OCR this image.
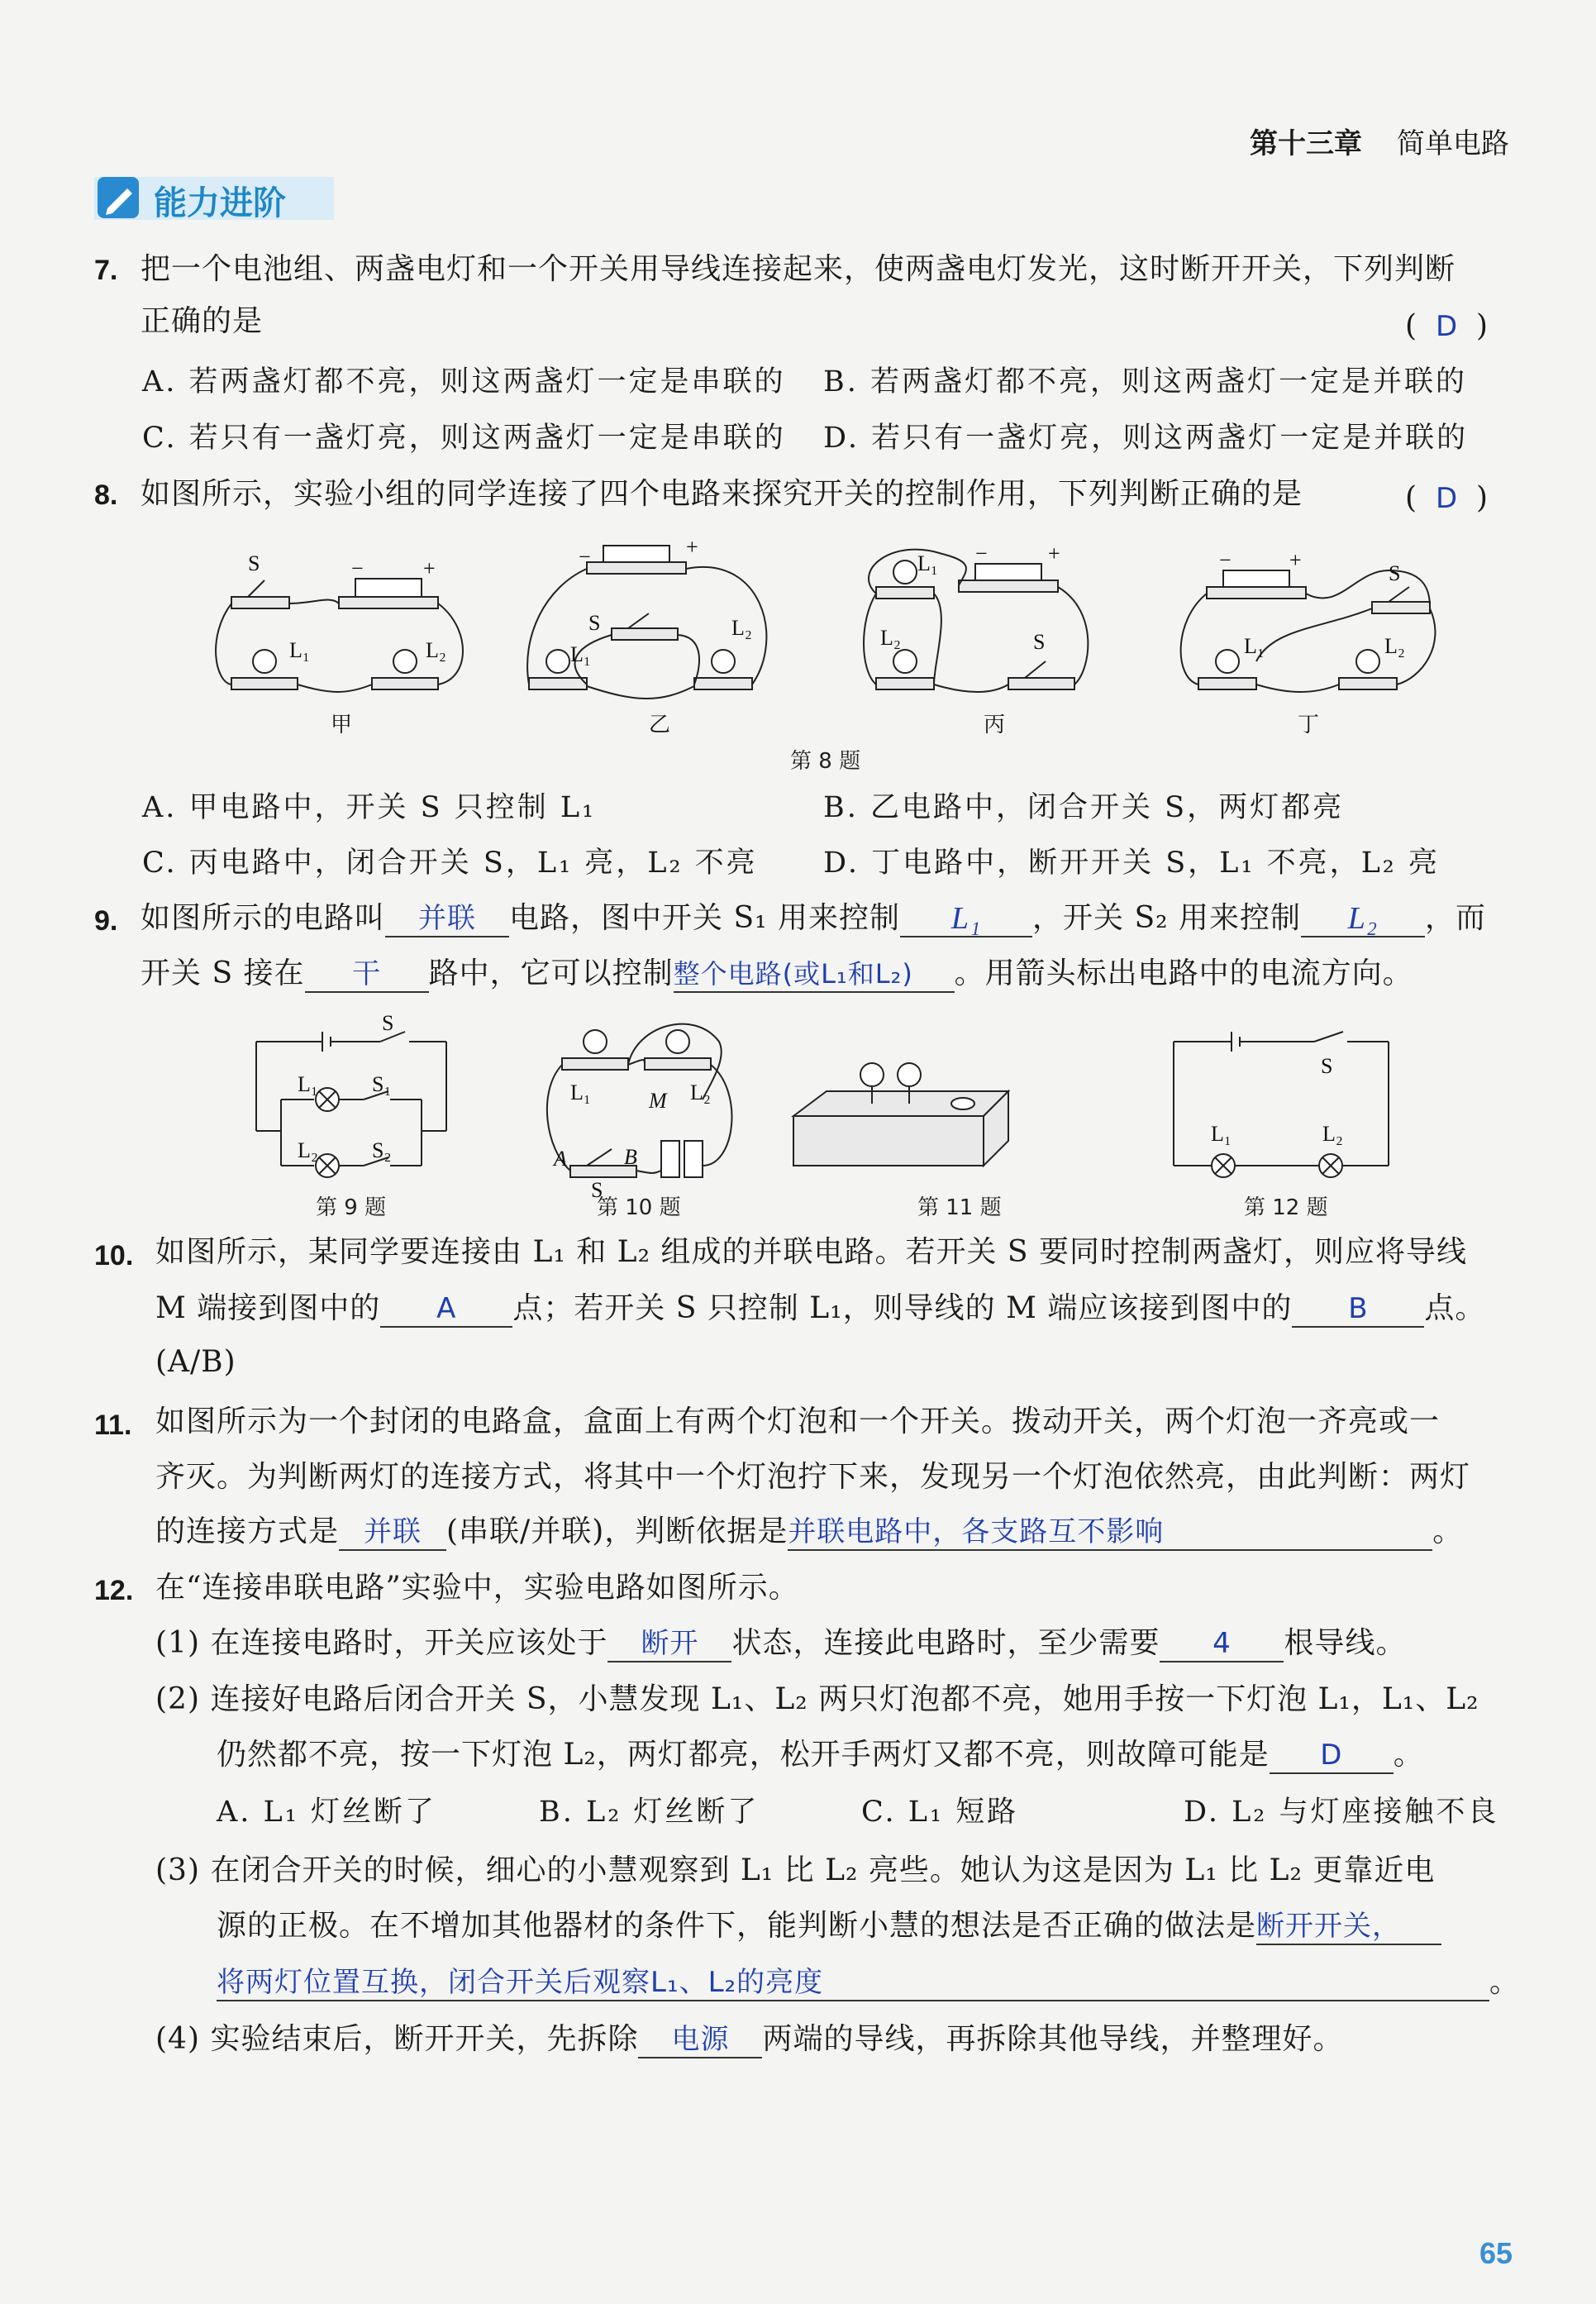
第十三章 简单电路
能力进阶
7. 把一个电池组、两盏电灯和一个开关用导线连接起来，使两盏电灯发光，这时断开开关，下列判断
正确的是	(  D  )
A. 若两盏灯都不亮，则这两盏灯一定是串联的 B. 若两盏灯都不亮，则这两盏灯一定是并联的
C. 若只有一盏灯亮，则这两盏灯一定是串联的 D. 若只有一盏灯亮，则这两盏灯一定是并联的
8. 如图所示，实验小组的同学连接了四个电路来探究开关的控制作用，下列判断正确的是	(  D  )
S	−	+
L₁	L₂
甲
S
−	+
L₁
L₂
乙
L₁
L₂	S
−	+
丙
S
−	+
L₁	L₂
丁
第 8 题
A. 甲电路中，开关 S 只控制 L₁	B. 乙电路中，闭合开关 S，两灯都亮
C. 丙电路中，闭合开关 S，L₁ 亮，L₂ 不亮 D. 丁电路中，断开开关 S，L₁ 不亮，L₂ 亮
9. 如图所示的电路叫 并联 电路，图中开关 S₁ 用来控制 L₁ ，开关 S₂ 用来控制 L₂ ，而
开关 S 接在 干 路中，它可以控制整个电路(或L₁和L₂) 。用箭头标出电路中的电流方向。
S
L₁	S₁
L₂	S₂
L₁	L₂
M
A	B
S
S
L₁	L₂
第 9 题	第 10 题	第 11 题	第 12 题
10. 如图所示，某同学要连接由 L₁ 和 L₂ 组成的并联电路。若开关 S 要同时控制两盏灯，则应将导线
M 端接到图中的 A 点；若开关 S 只控制 L₁，则导线的 M 端应该接到图中的 B 点。
(A/B)
11. 如图所示为一个封闭的电路盒，盒面上有两个灯泡和一个开关。拨动开关，两个灯泡一齐亮或一
齐灭。为判断两灯的连接方式，将其中一个灯泡拧下来，发现另一个灯泡依然亮，由此判断：两灯
的连接方式是 并联 (串联/并联)，判断依据是并联电路中，各支路互不影响	。
12. 在“连接串联电路”实验中，实验电路如图所示。
(1) 在连接电路时，开关应该处于 断开 状态，连接此电路时，至少需要 4 根导线。
(2) 连接好电路后闭合开关 S，小慧发现 L₁、L₂ 两只灯泡都不亮，她用手按一下灯泡 L₁，L₁、L₂
仍然都不亮，按一下灯泡 L₂，两灯都亮，松开手两灯又都不亮，则故障可能是 D 。
A. L₁ 灯丝断了	B. L₂ 灯丝断了	C. L₁ 短路	D. L₂ 与灯座接触不良
(3) 在闭合开关的时候，细心的小慧观察到 L₁ 比 L₂ 亮些。她认为这是因为 L₁ 比 L₂ 更靠近电
源的正极。在不增加其他器材的条件下，能判断小慧的想法是否正确的做法是断开开关，
将两灯位置互换，闭合开关后观察L₁、L₂的亮度	。
(4) 实验结束后，断开开关，先拆除 电源 两端的导线，再拆除其他导线，并整理好。
65
